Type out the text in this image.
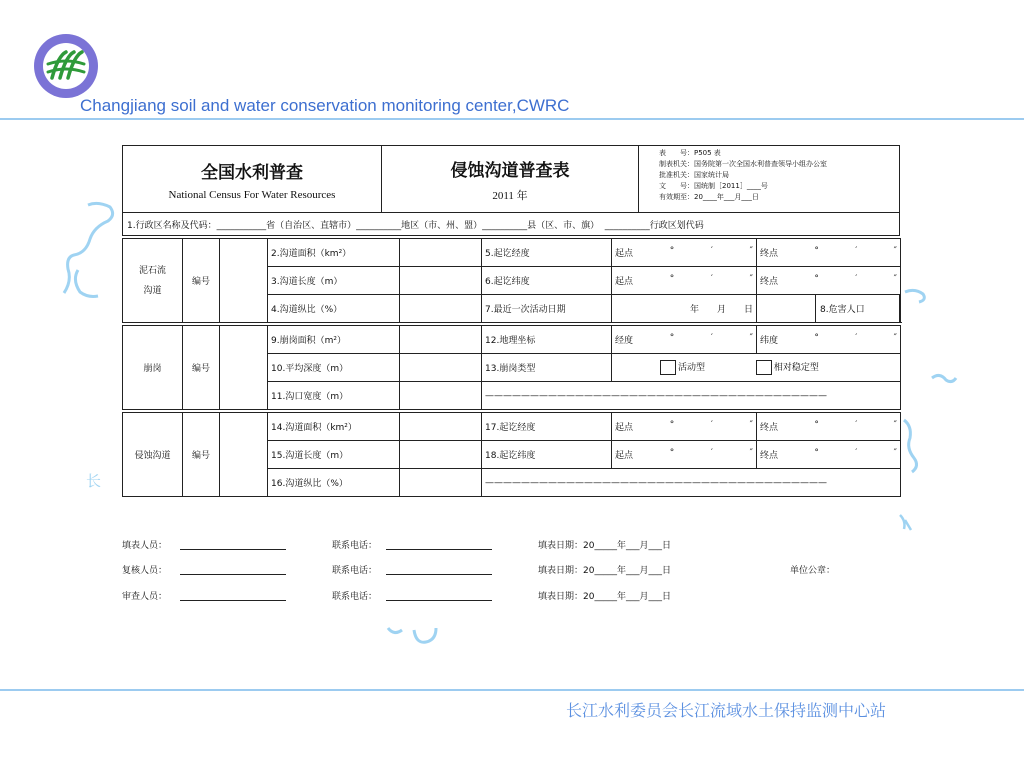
长
Changjiang soil and water conservation monitoring center,CWRC
全国水利普查
National Census For Water Resources
侵蚀沟道普查表
2011 年
表　　号：P505 表
制表机关：国务院第一次全国水利普查领导小组办公室
批准机关：国家统计局
文　　号：国统制［2011］____号
有效期至：20____年___月___日
1.行政区名称及代码：___________省（自治区、直辖市）__________地区（市、州、盟）__________县（区、市、旗）  __________行政区划代码
泥石流
沟道	编号		2.沟道面积（km²）		5.起讫经度	起点 ° ′ ″	终点 ° ′ ″

			3.沟道长度（m）		6.起讫纬度	起点 ° ′ ″	终点 ° ′ ″

			4.沟道纵比（%）		7.最近一次活动日期	年　　月　　日	8.危害人口
崩岗	编号		9.崩岗面积（m²）		12.地理坐标	经度 ° ′ ″	纬度 ° ′ ″

			10.平均深度（m）		13.崩岗类型	活动型 相对稳定型	
			11.沟口宽度（m）		——————————————————————————————————————		
侵蚀沟道	编号		14.沟道面积（km²）		17.起讫经度	起点 ° ′ ″	终点 ° ′ ″

			15.沟道长度（m）		18.起讫纬度	起点 ° ′ ″	终点 ° ′ ″

			16.沟道纵比（%）		——————————————————————————————————————		
填表人员：	联系电话：	填表日期：20_____年___月___日
复核人员：	联系电话：	填表日期：20_____年___月___日	单位公章：
审查人员：	联系电话：	填表日期：20_____年___月___日
长江水利委员会长江流域水土保持监测中心站
